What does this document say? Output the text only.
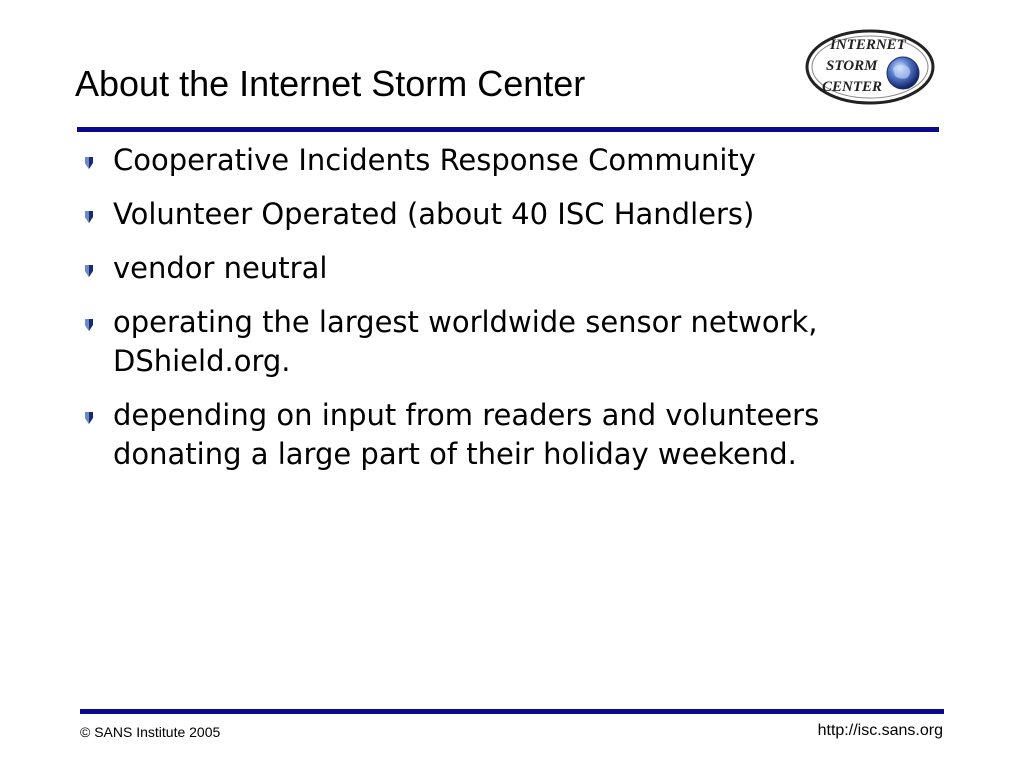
About the Internet Storm Center
INTERNET
STORM
CENTER
Cooperative Incidents Response Community
Volunteer Operated (about 40 ISC Handlers)
vendor neutral
operating the largest worldwide sensor network, DShield.org.
depending on input from readers and volunteers donating a large part of their holiday weekend.
© SANS Institute 2005	http://isc.sans.org
